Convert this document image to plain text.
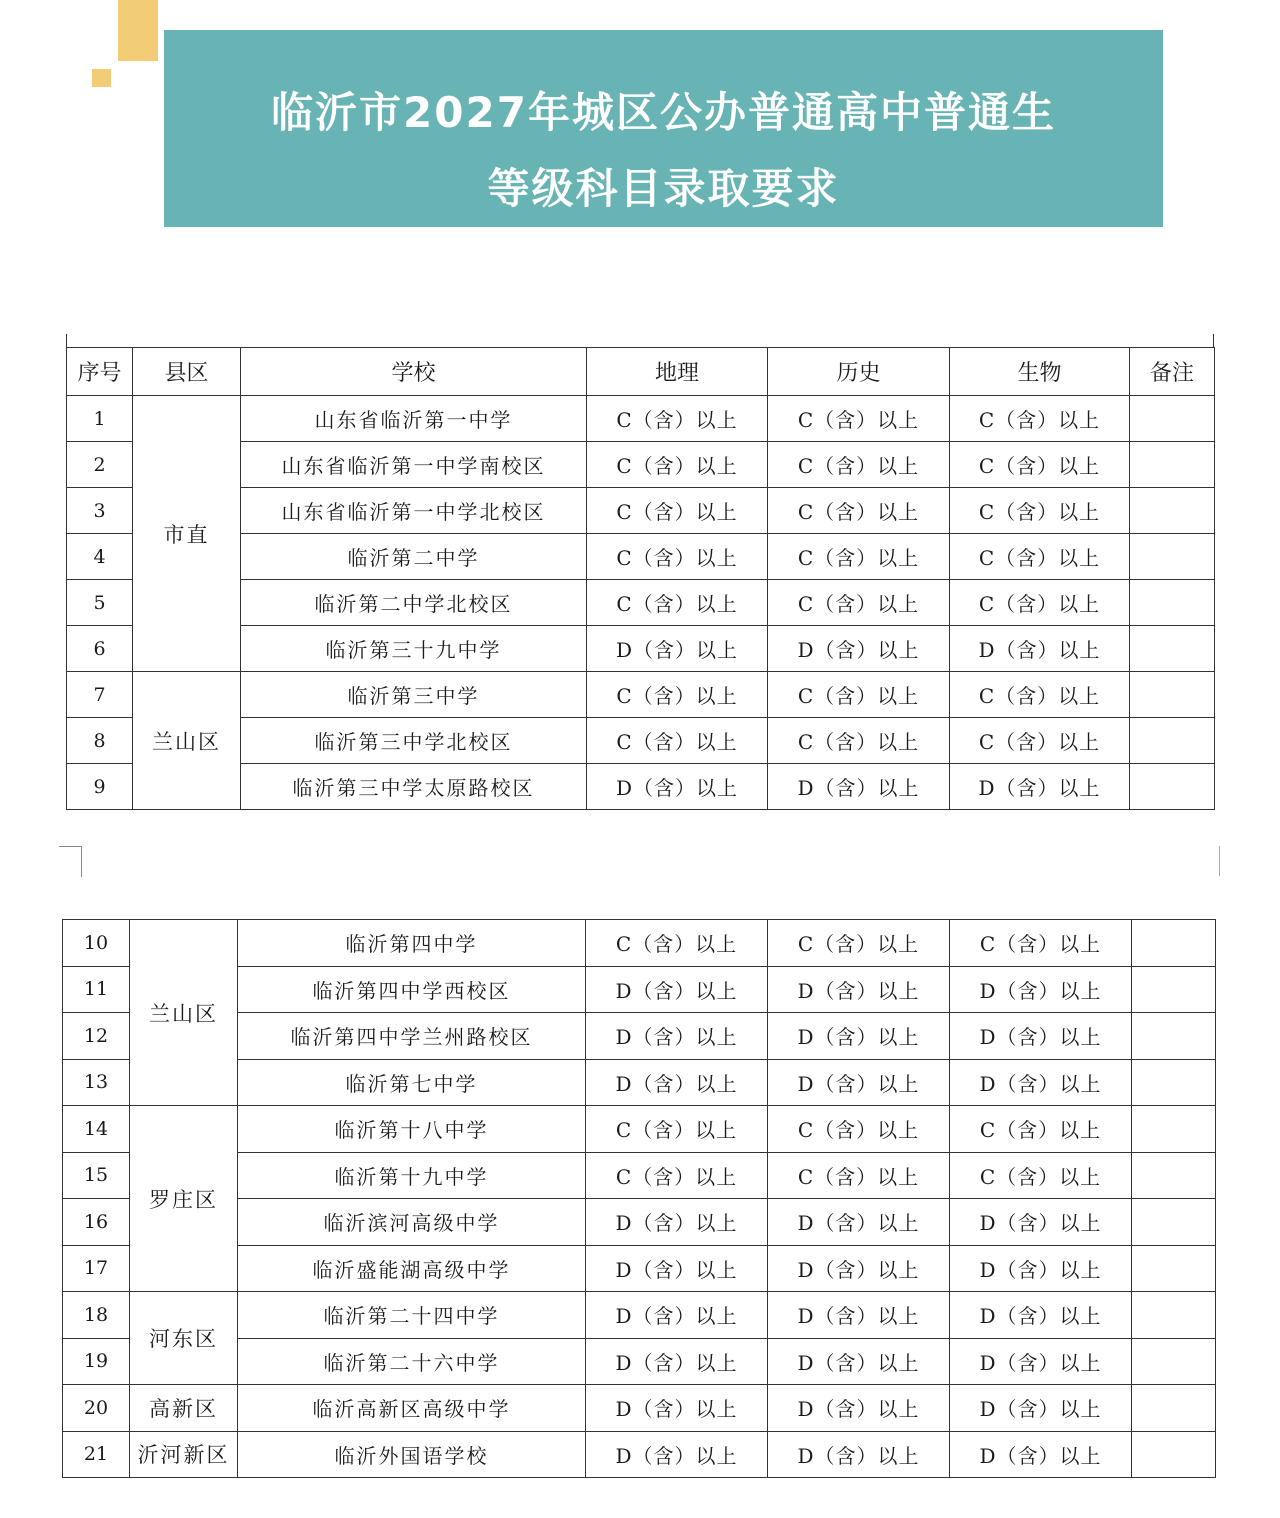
临沂市2027年城区公办普通高中普通生
等级科目录取要求
序号	县区	学校	地理	历史	生物	备注
1	市直	山东省临沂第一中学	C（含）以上	C（含）以上	C（含）以上	
2		山东省临沂第一中学南校区	C（含）以上	C（含）以上	C（含）以上	
3		山东省临沂第一中学北校区	C（含）以上	C（含）以上	C（含）以上	
4		临沂第二中学	C（含）以上	C（含）以上	C（含）以上	
5		临沂第二中学北校区	C（含）以上	C（含）以上	C（含）以上	
6		临沂第三十九中学	D（含）以上	D（含）以上	D（含）以上	
7	兰山区	临沂第三中学	C（含）以上	C（含）以上	C（含）以上	
8		临沂第三中学北校区	C（含）以上	C（含）以上	C（含）以上	
9		临沂第三中学太原路校区	D（含）以上	D（含）以上	D（含）以上	
10	兰山区	临沂第四中学	C（含）以上	C（含）以上	C（含）以上	
11		临沂第四中学西校区	D（含）以上	D（含）以上	D（含）以上	
12		临沂第四中学兰州路校区	D（含）以上	D（含）以上	D（含）以上	
13		临沂第七中学	D（含）以上	D（含）以上	D（含）以上	
14	罗庄区	临沂第十八中学	C（含）以上	C（含）以上	C（含）以上	
15		临沂第十九中学	C（含）以上	C（含）以上	C（含）以上	
16		临沂滨河高级中学	D（含）以上	D（含）以上	D（含）以上	
17		临沂盛能湖高级中学	D（含）以上	D（含）以上	D（含）以上	
18	河东区	临沂第二十四中学	D（含）以上	D（含）以上	D（含）以上	
19		临沂第二十六中学	D（含）以上	D（含）以上	D（含）以上	
20	高新区	临沂高新区高级中学	D（含）以上	D（含）以上	D（含）以上	
21	沂河新区	临沂外国语学校	D（含）以上	D（含）以上	D（含）以上	
